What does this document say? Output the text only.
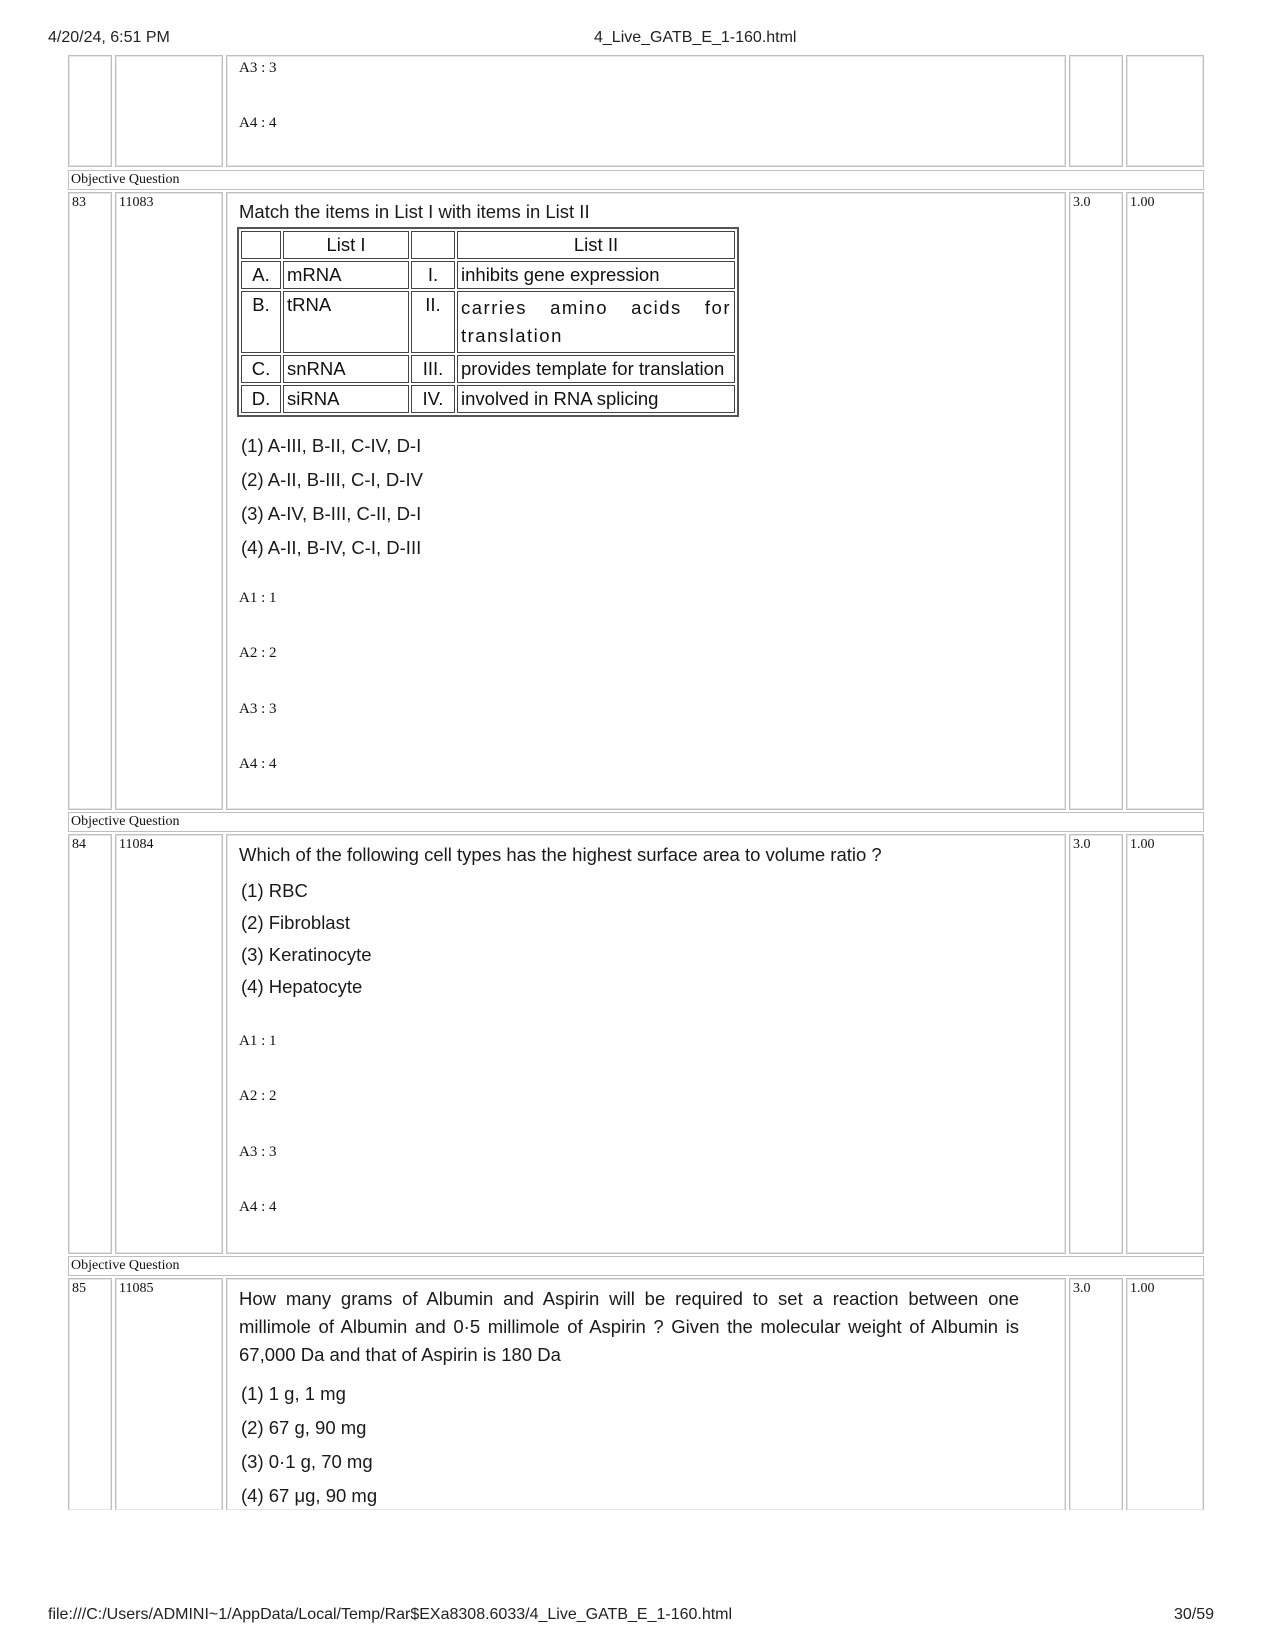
4/20/24, 6:51 PM	4_Live_GATB_E_1-160.html
A3 : 3
A4 : 4
Objective Question
83	11083	Match the items in List I with items in List II
	List I		List II
A.	mRNA	I.	inhibits gene expression
B.	tRNA	II.	carries amino acids for translation
C.	snRNA	III.	provides template for translation
D.	siRNA	IV.	involved in RNA splicing
(1) A-III, B-II, C-IV, D-I
(2) A-II, B-III, C-I, D-IV
(3) A-IV, B-III, C-II, D-I
(4) A-II, B-IV, C-I, D-III
A1 : 1
A2 : 2
A3 : 3
A4 : 4
3.0	1.00
Objective Question
84	11084	Which of the following cell types has the highest surface area to volume ratio ?
(1) RBC
(2) Fibroblast
(3) Keratinocyte
(4) Hepatocyte
A1 : 1
A2 : 2
A3 : 3
A4 : 4
3.0	1.00
Objective Question
85	11085	How many grams of Albumin and Aspirin will be required to set a reaction between one millimole of Albumin and 0·5 millimole of Aspirin ? Given the molecular weight of Albumin is 67,000 Da and that of Aspirin is 180 Da
(1) 1 g, 1 mg
(2) 67 g, 90 mg
(3) 0·1 g, 70 mg
(4) 67 μg, 90 mg
3.0	1.00
file:///C:/Users/ADMINI~1/AppData/Local/Temp/Rar$EXa8308.6033/4_Live_GATB_E_1-160.html	30/59
